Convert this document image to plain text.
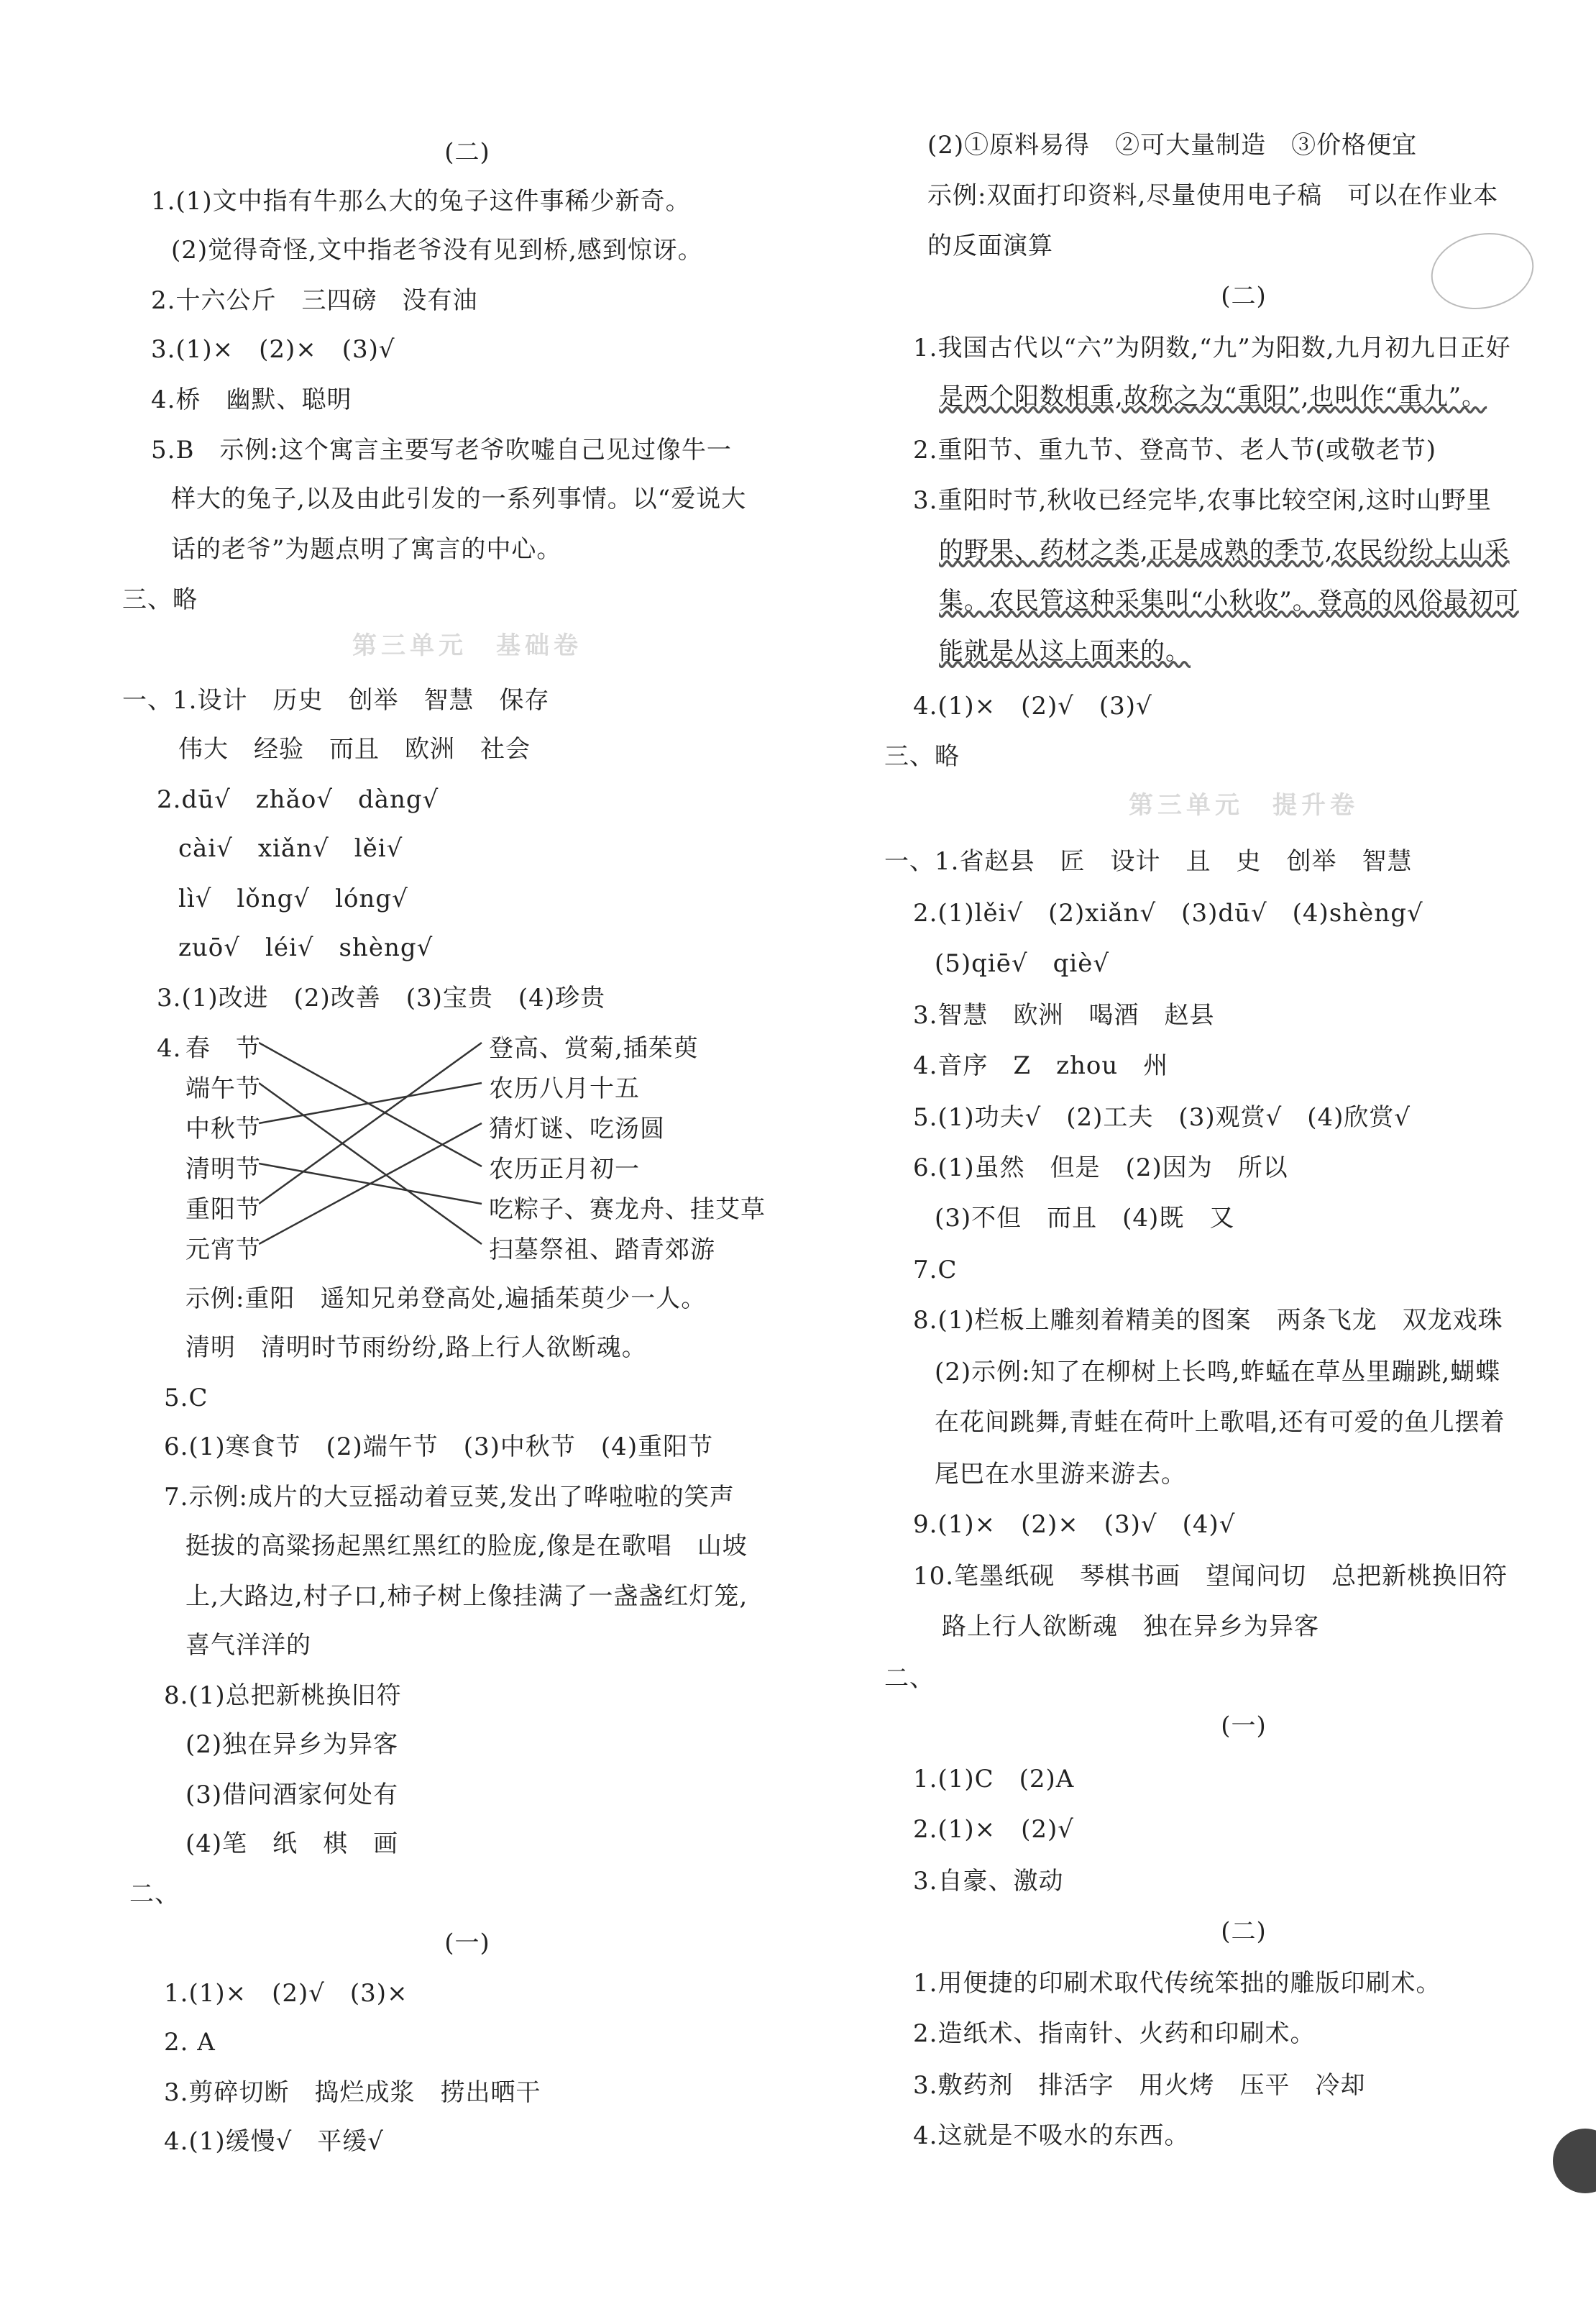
(二)
1.(1)文中指有牛那么大的兔子这件事稀少新奇。
(2)觉得奇怪,文中指老爷没有见到桥,感到惊讶。
2.十六公斤　三四磅　没有油
3.(1)×　(2)×　(3)√
4.桥　幽默、聪明
5.B　示例:这个寓言主要写老爷吹嘘自己见过像牛一
样大的兔子,以及由此引发的一系列事情。以“爱说大
话的老爷”为题点明了寓言的中心。
三、略
第三单元　基础卷
一、1.设计　历史　创举　智慧　保存
伟大　经验　而且　欧洲　社会
2.dū√　zhǎo√　dàng√
cài√　xiǎn√　lěi√
lì√　lǒng√　lóng√
zuō√　léi√　shèng√
3.(1)改进　(2)改善　(3)宝贵　(4)珍贵
4. 春　节
端午节
中秋节
清明节
重阳节
元宵节
登高、赏菊,插茱萸
农历八月十五
猜灯谜、吃汤圆
农历正月初一
吃粽子、赛龙舟、挂艾草
扫墓祭祖、踏青郊游
示例:重阳　遥知兄弟登高处,遍插茱萸少一人。
清明　清明时节雨纷纷,路上行人欲断魂。
5.C
6.(1)寒食节　(2)端午节　(3)中秋节　(4)重阳节
7.示例:成片的大豆摇动着豆荚,发出了哗啦啦的笑声
挺拔的高粱扬起黑红黑红的脸庞,像是在歌唱　山坡
上,大路边,村子口,柿子树上像挂满了一盏盏红灯笼,
喜气洋洋的
8.(1)总把新桃换旧符
(2)独在异乡为异客
(3)借问酒家何处有
(4)笔　纸　棋　画
二、
(一)
1.(1)×　(2)√　(3)×
2. A
3.剪碎切断　捣烂成浆　捞出晒干
4.(1)缓慢√　平缓√
(2)①原料易得　②可大量制造　③价格便宜
示例:双面打印资料,尽量使用电子稿　可以在作业本
的反面演算
(二)
1.我国古代以“六”为阴数,“九”为阳数,九月初九日正好
是两个阳数相重,故称之为“重阳”,也叫作“重九”。
2.重阳节、重九节、登高节、老人节(或敬老节)
3.重阳时节,秋收已经完毕,农事比较空闲,这时山野里
的野果、药材之类,正是成熟的季节,农民纷纷上山采
集。农民管这种采集叫“小秋收”。登高的风俗最初可
能就是从这上面来的。
4.(1)×　(2)√　(3)√
三、略
第三单元　提升卷
一、1.省赵县　匠　设计　且　史　创举　智慧
2.(1)lěi√　(2)xiǎn√　(3)dū√　(4)shèng√
(5)qiē√　qiè√
3.智慧　欧洲　喝酒　赵县
4.音序　Z　zhou　州
5.(1)功夫√　(2)工夫　(3)观赏√　(4)欣赏√
6.(1)虽然　但是　(2)因为　所以
(3)不但　而且　(4)既　又
7.C
8.(1)栏板上雕刻着精美的图案　两条飞龙　双龙戏珠
(2)示例:知了在柳树上长鸣,蚱蜢在草丛里蹦跳,蝴蝶
在花间跳舞,青蛙在荷叶上歌唱,还有可爱的鱼儿摆着
尾巴在水里游来游去。
9.(1)×　(2)×　(3)√　(4)√
10.笔墨纸砚　琴棋书画　望闻问切　总把新桃换旧符
路上行人欲断魂　独在异乡为异客
二、
(一)
1.(1)C　(2)A
2.(1)×　(2)√
3.自豪、激动
(二)
1.用便捷的印刷术取代传统笨拙的雕版印刷术。
2.造纸术、指南针、火药和印刷术。
3.敷药剂　排活字　用火烤　压平　冷却
4.这就是不吸水的东西。
